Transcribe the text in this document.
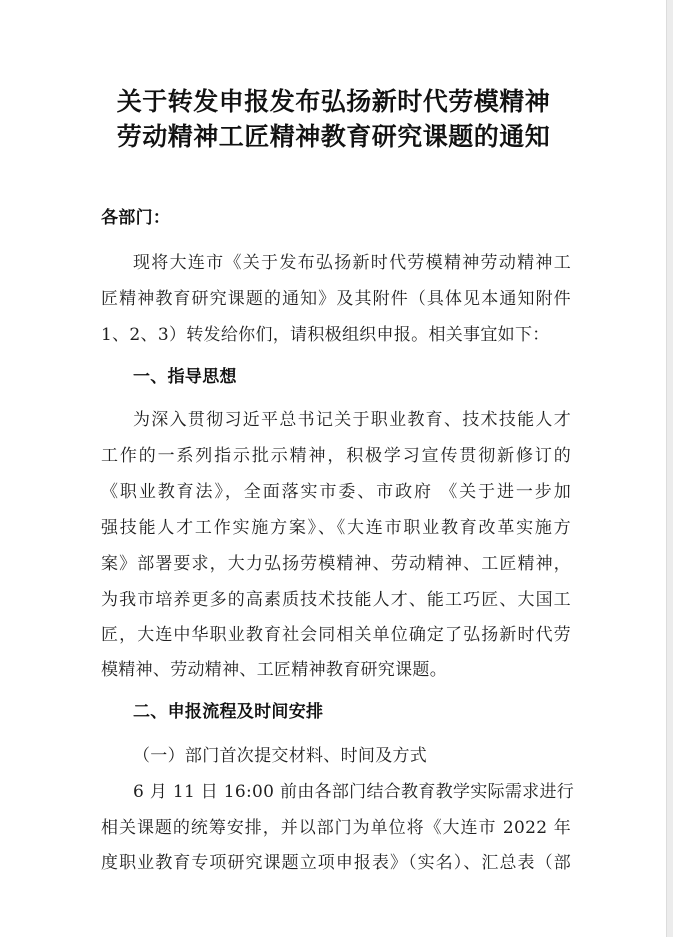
关于转发申报发布弘扬新时代劳模精神
劳动精神工匠精神教育研究课题的通知
各部门：
现将大连市《关于发布弘扬新时代劳模精神劳动精神工
匠精神教育研究课题的通知》及其附件（具体见本通知附件
1、2、3）转发给你们，请积极组织申报。相关事宜如下：
一、指导思想
为深入贯彻习近平总书记关于职业教育、技术技能人才
工作的一系列指示批示精神，积极学习宣传贯彻新修订的
《职业教育法》，全面落实市委、市政府 《关于进一步加
强技能人才工作实施方案》、《大连市职业教育改革实施方
案》部署要求，大力弘扬劳模精神、劳动精神、工匠精神，
为我市培养更多的高素质技术技能人才、能工巧匠、大国工
匠，大连中华职业教育社会同相关单位确定了弘扬新时代劳
模精神、劳动精神、工匠精神教育研究课题。
二、申报流程及时间安排
（一）部门首次提交材料、时间及方式
6 月 11 日 16:00 前由各部门结合教育教学实际需求进行
相关课题的统筹安排，并以部门为单位将《大连市 2022 年
度职业教育专项研究课题立项申报表》（实名）、汇总表（部
